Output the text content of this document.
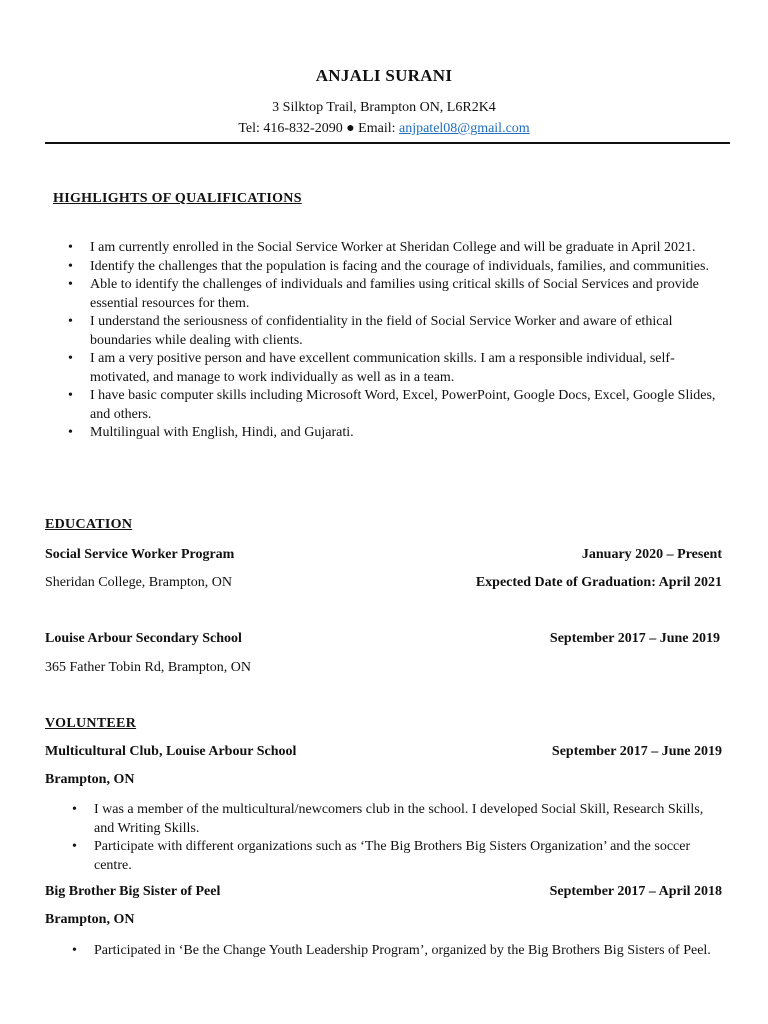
ANJALI SURANI
3 Silktop Trail, Brampton ON, L6R2K4
Tel: 416-832-2090 ● Email: anjpatel08@gmail.com
HIGHLIGHTS OF QUALIFICATIONS
• I am currently enrolled in the Social Service Worker at Sheridan College and will be graduate in April 2021.
• Identify the challenges that the population is facing and the courage of individuals, families, and communities.
• Able to identify the challenges of individuals and families using critical skills of Social Services and provide essential resources for them.
• I understand the seriousness of confidentiality in the field of Social Service Worker and aware of ethical boundaries while dealing with clients.
• I am a very positive person and have excellent communication skills. I am a responsible individual, self-motivated, and manage to work individually as well as in a team.
• I have basic computer skills including Microsoft Word, Excel, PowerPoint, Google Docs, Excel, Google Slides, and others.
• Multilingual with English, Hindi, and Gujarati.
EDUCATION
Social Service Worker Program	January 2020 – Present
Sheridan College, Brampton, ON	Expected Date of Graduation: April 2021
Louise Arbour Secondary School	September 2017 – June 2019
365 Father Tobin Rd, Brampton, ON
VOLUNTEER
Multicultural Club, Louise Arbour School	September 2017 – June 2019
Brampton, ON
• I was a member of the multicultural/newcomers club in the school. I developed Social Skill, Research Skills, and Writing Skills.
• Participate with different organizations such as ‘The Big Brothers Big Sisters Organization’ and the soccer centre.
Big Brother Big Sister of Peel	September 2017 – April 2018
Brampton, ON
• Participated in ‘Be the Change Youth Leadership Program’, organized by the Big Brothers Big Sisters of Peel.
